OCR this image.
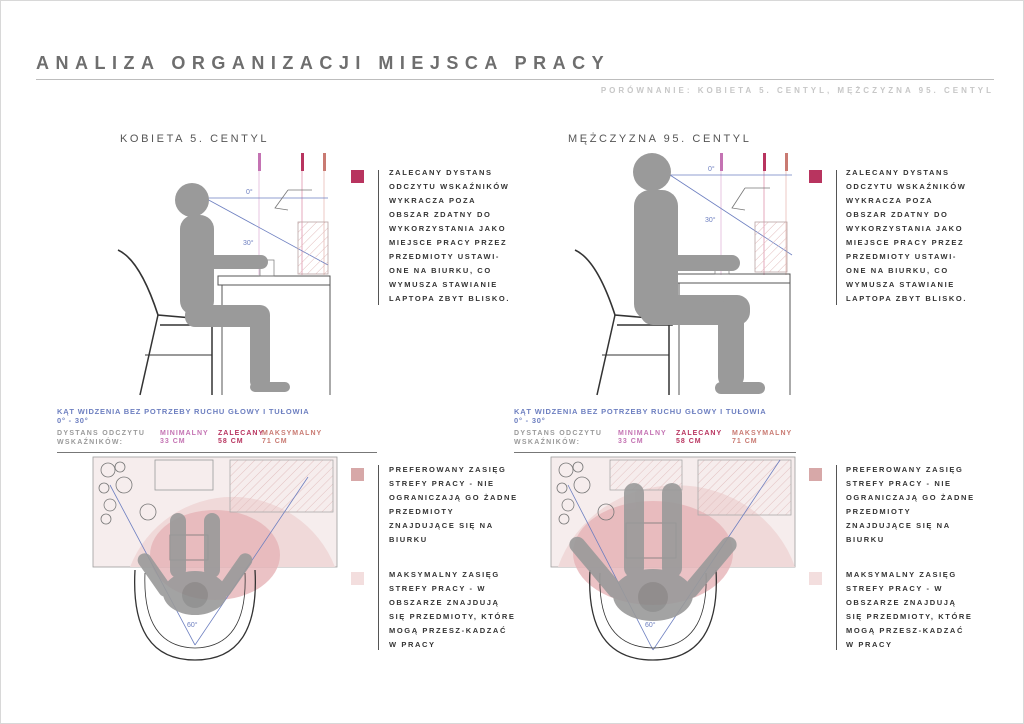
ANALIZA ORGANIZACJI MIEJSCA PRACY
PORÓWNANIE: KOBIETA 5. CENTYL, MĘŻCZYZNA 95. CENTYL
KOBIETA 5. CENTYL
0°
30°
ZALECANY DYSTANS ODCZYTU WSKAŹNIKÓW WYKRACZA POZA OBSZAR ZDATNY DO WYKORZYSTANIA JAKO MIEJSCE PRACY PRZEZ PRZEDMIOTY USTAWI-ONE NA BIURKU, CO WYMUSZA STAWIANIE LAPTOPA ZBYT BLISKO.
KĄT WIDZENIA BEZ POTRZEBY RUCHU GŁOWY I TUŁOWIA
0° - 30°
DYSTANS ODCZYTU WSKAŹNIKÓW:
MINIMALNY
33 CM
ZALECANY
58 CM
MAKSYMALNY
71 CM
60°
PREFEROWANY ZASIĘG STREFY PRACY - NIE OGRANICZAJĄ GO ŻADNE PRZEDMIOTY ZNAJDUJĄCE SIĘ NA BIURKU
MAKSYMALNY ZASIĘG STREFY PRACY - W OBSZARZE ZNAJDUJĄ SIĘ PRZEDMIOTY, KTÓRE MOGĄ PRZESZ-KADZAĆ W PRACY
MĘŻCZYZNA 95. CENTYL
0°
30°
ZALECANY DYSTANS ODCZYTU WSKAŹNIKÓW WYKRACZA POZA OBSZAR ZDATNY DO WYKORZYSTANIA JAKO MIEJSCE PRACY PRZEZ PRZEDMIOTY USTAWI-ONE NA BIURKU, CO WYMUSZA STAWIANIE LAPTOPA ZBYT BLISKO.
KĄT WIDZENIA BEZ POTRZEBY RUCHU GŁOWY I TUŁOWIA
0° - 30°
DYSTANS ODCZYTU WSKAŹNIKÓW:
MINIMALNY
33 CM
ZALECANY
58 CM
MAKSYMALNY
71 CM
60°
PREFEROWANY ZASIĘG STREFY PRACY - NIE OGRANICZAJĄ GO ŻADNE PRZEDMIOTY ZNAJDUJĄCE SIĘ NA BIURKU
MAKSYMALNY ZASIĘG STREFY PRACY - W OBSZARZE ZNAJDUJĄ SIĘ PRZEDMIOTY, KTÓRE MOGĄ PRZESZ-KADZAĆ W PRACY
